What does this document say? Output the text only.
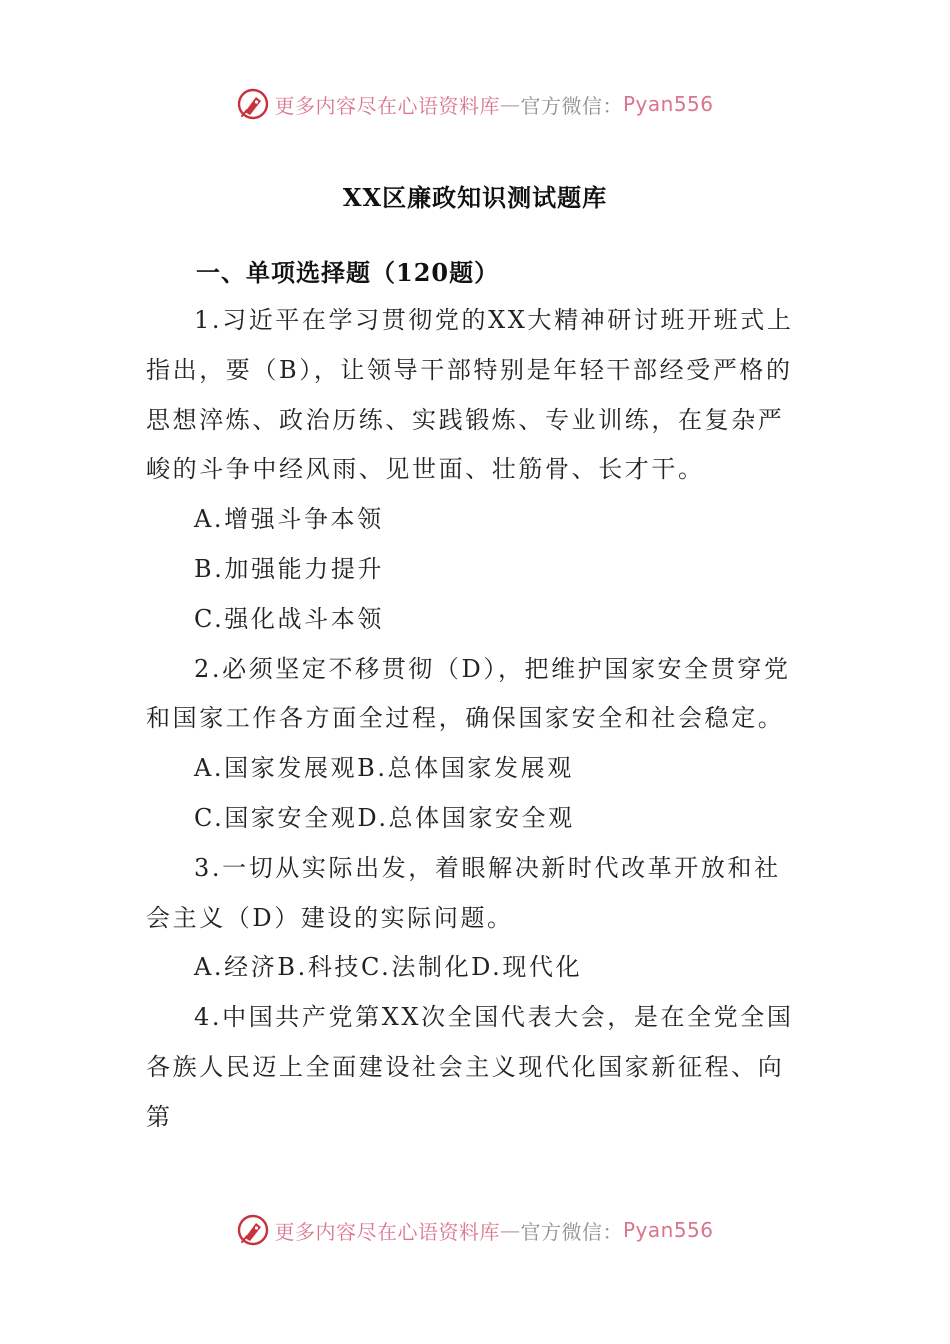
更多内容尽在心语资料库 — 官方微信： Pyan556
XX区廉政知识测试题库
一、单项选择题（120题）

1.习近平在学习贯彻党的XX大精神研讨班开班式上指出，要（B），让领导干部特别是年轻干部经受严格的思想淬炼、政治历练、实践锻炼、专业训练，在复杂严峻的斗争中经风雨、见世面、壮筋骨、长才干。

A.增强斗争本领

B.加强能力提升

C.强化战斗本领

2.必须坚定不移贯彻（D），把维护国家安全贯穿党和国家工作各方面全过程，确保国家安全和社会稳定。

A.国家发展观B.总体国家发展观

C.国家安全观D.总体国家安全观

3.一切从实际出发，着眼解决新时代改革开放和社会主义（D）建设的实际问题。

A.经济B.科技C.法制化D.现代化

4.中国共产党第XX次全国代表大会，是在全党全国各族人民迈上全面建设社会主义现代化国家新征程、向第

更多内容尽在心语资料库 — 官方微信： Pyan556
